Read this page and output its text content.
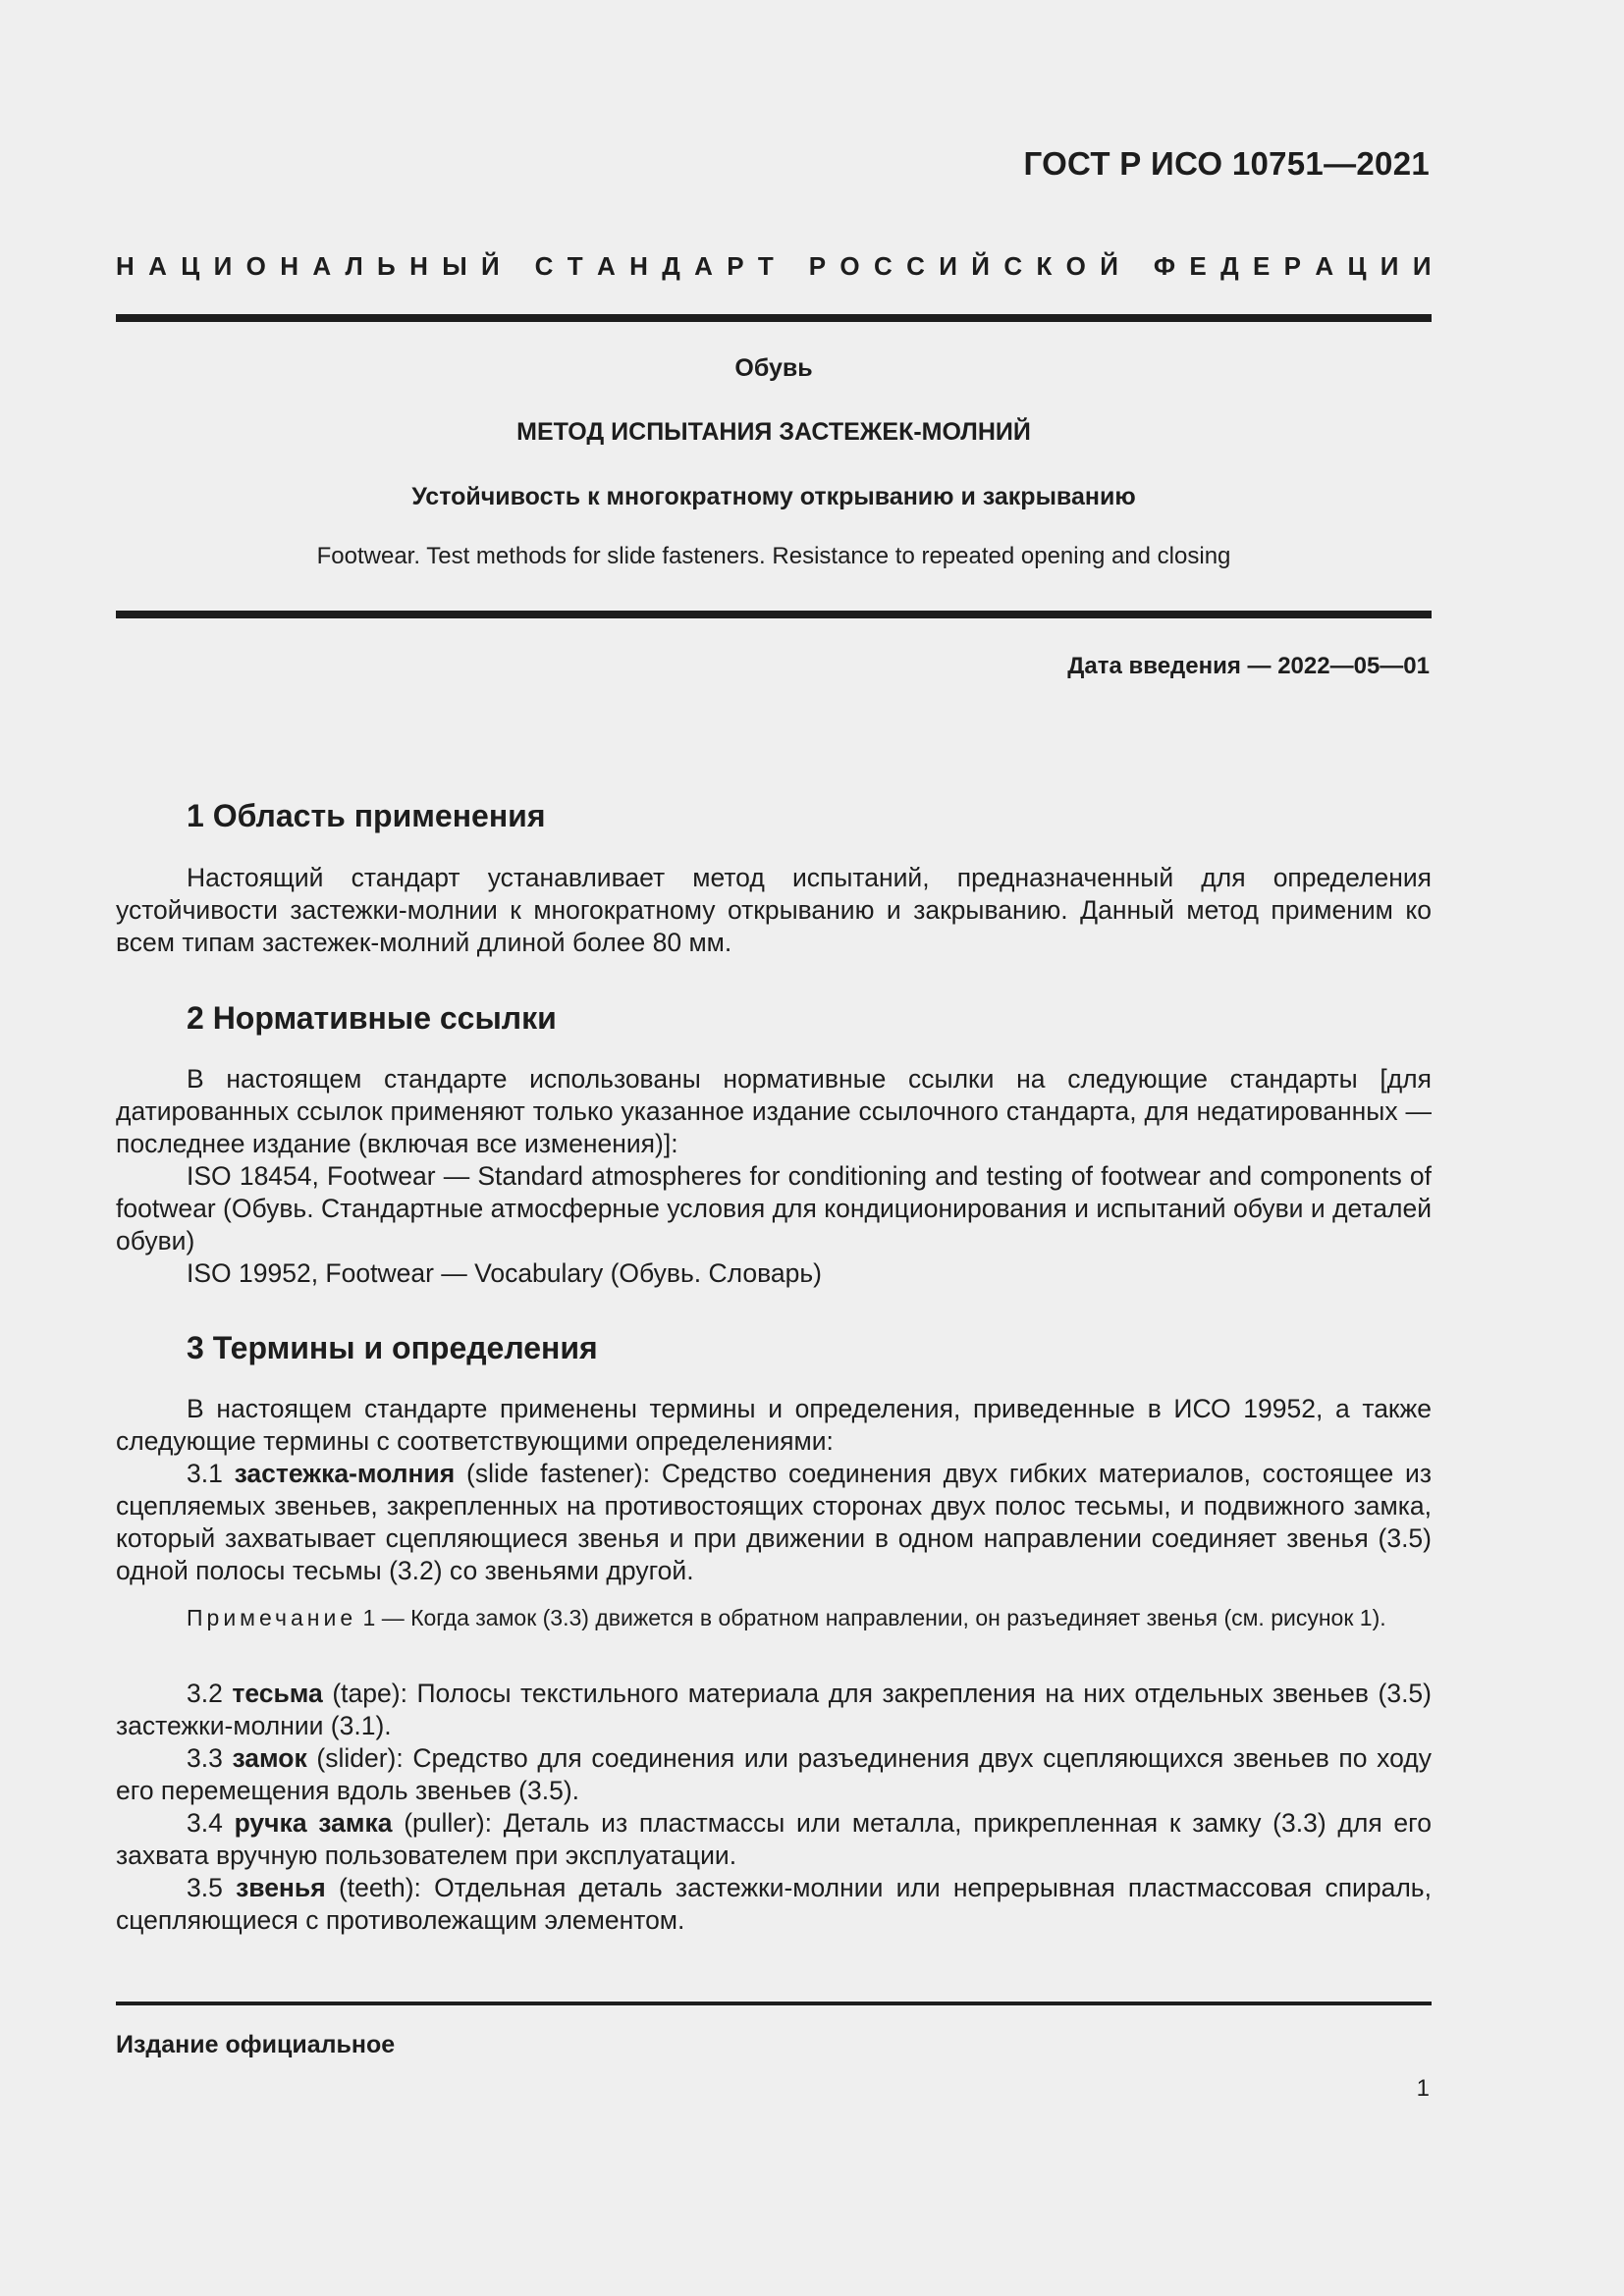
ГОСТ Р ИСО 10751—2021
Н А Ц И О Н А Л Ь Н Ы Й
С Т А Н Д А Р Т
Р О С С И Й С К О Й
Ф Е Д Е Р А Ц И И
Обувь
МЕТОД ИСПЫТАНИЯ ЗАСТЕЖЕК-МОЛНИЙ
Устойчивость к многократному открыванию и закрыванию
Footwear. Test methods for slide fasteners. Resistance to repeated opening and closing
Дата введения — 2022—05—01
1 Область применения
Настоящий стандарт устанавливает метод испытаний, предназначенный для определения устойчивости застежки-молнии к многократному открыванию и закрыванию. Данный метод применим ко всем типам застежек-молний длиной более 80 мм.
2 Нормативные ссылки
В настоящем стандарте использованы нормативные ссылки на следующие стандарты [для датированных ссылок применяют только указанное издание ссылочного стандарта, для недатированных — последнее издание (включая все изменения)]:
ISO 18454, Footwear — Standard atmospheres for conditioning and testing of footwear and components of footwear (Обувь. Стандартные атмосферные условия для кондиционирования и испытаний обуви и деталей обуви)
ISO 19952, Footwear — Vocabulary (Обувь. Словарь)
3 Термины и определения
В настоящем стандарте применены термины и определения, приведенные в ИСО 19952, а также следующие термины с соответствующими определениями:
3.1 застежка-молния (slide fastener): Средство соединения двух гибких материалов, состоящее из сцепляемых звеньев, закрепленных на противостоящих сторонах двух полос тесьмы, и подвижного замка, который захватывает сцепляющиеся звенья и при движении в одном направлении соединяет звенья (3.5) одной полосы тесьмы (3.2) со звеньями другой.
Примечание 1 — Когда замок (3.3) движется в обратном направлении, он разъединяет звенья (см. рисунок 1).
3.2 тесьма (tape): Полосы текстильного материала для закрепления на них отдельных звеньев (3.5) застежки-молнии (3.1).
3.3 замок (slider): Средство для соединения или разъединения двух сцепляющихся звеньев по ходу его перемещения вдоль звеньев (3.5).
3.4 ручка замка (puller): Деталь из пластмассы или металла, прикрепленная к замку (3.3) для его захвата вручную пользователем при эксплуатации.
3.5 звенья (teeth): Отдельная деталь застежки-молнии или непрерывная пластмассовая спираль, сцепляющиеся с противолежащим элементом.
Издание официальное
1
